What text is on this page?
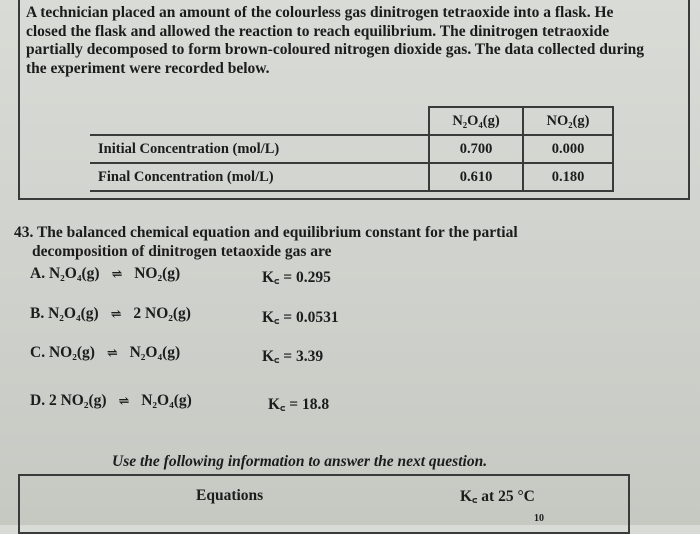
A technician placed an amount of the colourless gas dinitrogen tetraoxide into a flask. He

closed the flask and allowed the reaction to reach equilibrium. The dinitrogen tetraoxide

partially decomposed to form brown-coloured nitrogen dioxide gas. The data collected during

the experiment were recorded below.

	N₂O₄(g)	NO₂(g)
Initial Concentration (mol/L)	0.700	0.000
Final Concentration (mol/L)	0.610	0.180
43. The balanced chemical equation and equilibrium constant for the partial
decomposition of dinitrogen tetaoxide gas are
A. N₂O₄(g) ⇌ NO₂(g)	K꜀ = 0.295
B. N₂O₄(g) ⇌ 2 NO₂(g)	K꜀ = 0.0531
C. NO₂(g) ⇌ N₂O₄(g)	K꜀ = 3.39
D. 2 NO₂(g) ⇌ N₂O₄(g)	K꜀ = 18.8
Use the following information to answer the next question.
Equations	K꜀ at 25 °C
10
